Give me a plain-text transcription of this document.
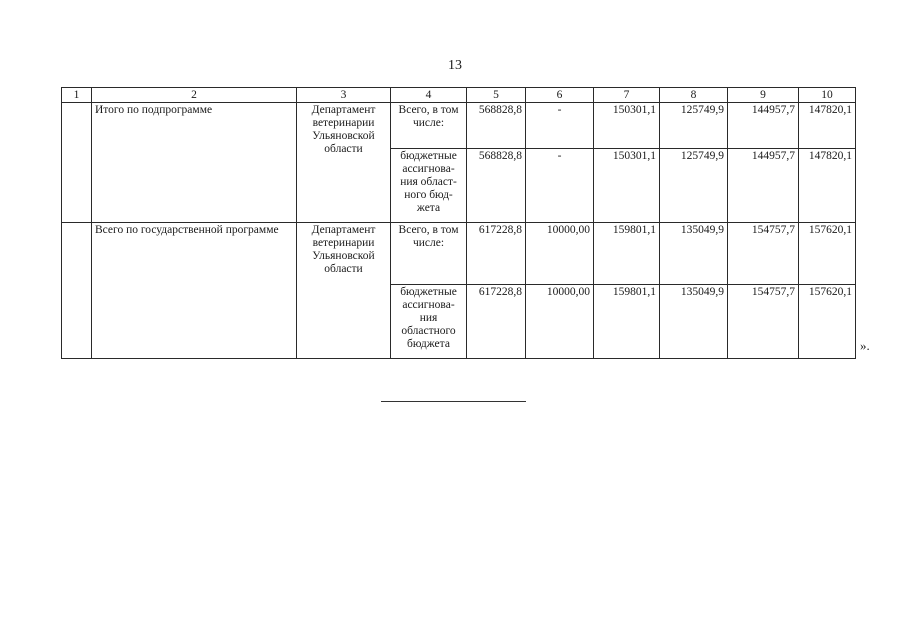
13
1	2	3	4	5	6	7	8	9	10
	Итого по подпрограмме	Департамент ветеринарии Ульяновской области	Всего, в том числе:	568828,8	-	150301,1	125749,9	144957,7	147820,1
			бюджетные ассигнова-ния област-ного бюд-жета	568828,8	-	150301,1	125749,9	144957,7	147820,1
	Всего по государственной программе	Департамент ветеринарии Ульяновской области	Всего, в том числе:	617228,8	10000,00	159801,1	135049,9	154757,7	157620,1
			бюджетные ассигнова-ния областного бюджета	617228,8	10000,00	159801,1	135049,9	154757,7	157620,1
».
